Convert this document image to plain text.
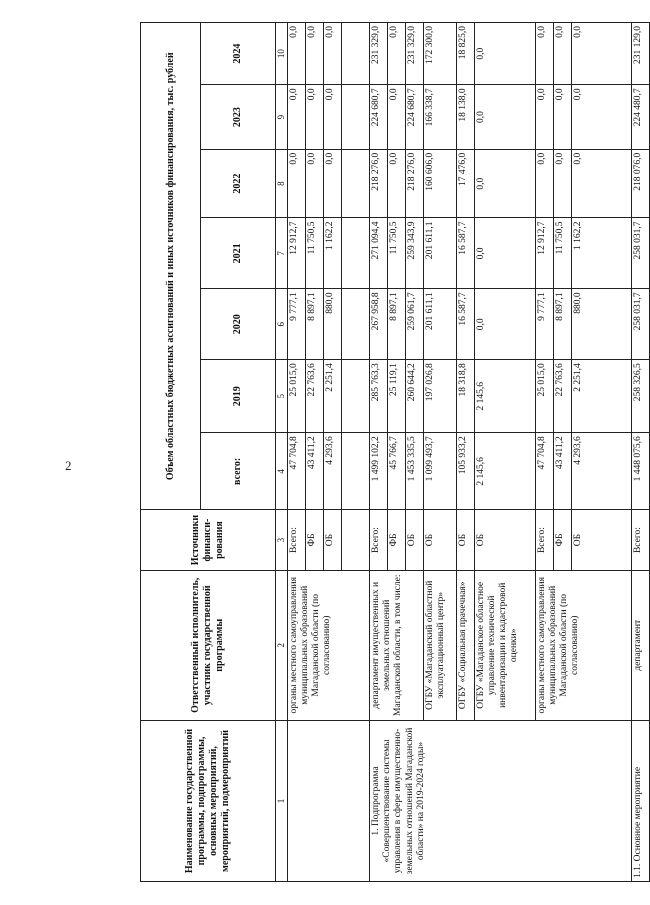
2
Наименование государственной программы, подпрограммы, основных мероприятий, мероприятий, подмероприятий	Ответственный исполнитель, участник государственной программы	Источники финанси-рования	Объем областных бюджетных ассигнований и иных источников финансирования, тыс. рублей						
			всего:	2019	2020	2021	2022	2023	2024
1	2	3	4	5	6	7	8	9	10
	органы местного самоуправления муниципальных образований Магаданской области (по согласованию)	Всего:	47 704,8	25 015,0	9 777,1	12 912,7	0,0	0,0	0,0
		ФБ	43 411,2	22 763,6	8 897,1	11 750,5	0,0	0,0	0,0
		ОБ	4 293,6	2 251,4	880,0	1 162,2	0,0	0,0	0,0

1. Подпрограмма «Совершенствование системы управления в сфере имущественно-земельных отношений Магаданской области» на 2019-2024 годы»	департамент имущественных и земельных отношений Магаданской области, в том числе:	Всего:	1 499 102,2	285 763,3	267 958,8	271 094,4	218 276,0	224 680,7	231 329,0
		ФБ	45 766,7	25 119,1	8 897,1	11 750,5	0,0	0,0	0,0
		ОБ	1 453 335,5	260 644,2	259 061,7	259 343,9	218 276,0	224 680,7	231 329,0
	ОГБУ «Магаданский областной эксплуатационный центр»	ОБ	1 099 493,7	197 026,8	201 611,1	201 611,1	160 606,0	166 338,7	172 300,0
	ОГБУ «Социальная прачечная»	ОБ	105 933,2	18 318,8	16 587,7	16 587,7	17 476,0	18 138,0	18 825,0
	ОГБУ «Магаданское областное управление технической инвентаризации и кадастровой оценки»	ОБ	2 145,6	2 145,6	0,0	0,0	0,0	0,0	0,0
	органы местного самоуправления муниципальных образований Магаданской области (по согласованию)	Всего:	47 704,8	25 015,0	9 777,1	12 912,7	0,0	0,0	0,0
		ФБ	43 411,2	22 763,6	8 897,1	11 750,5	0,0	0,0	0,0
		ОБ	4 293,6	2 251,4	880,0	1 162,2	0,0	0,0	0,0
1.1. Основное мероприятие	департамент	Всего:	1 448 075,6	258 326,5	258 031,7	258 031,7	218 076,0	224 480,7	231 129,0
